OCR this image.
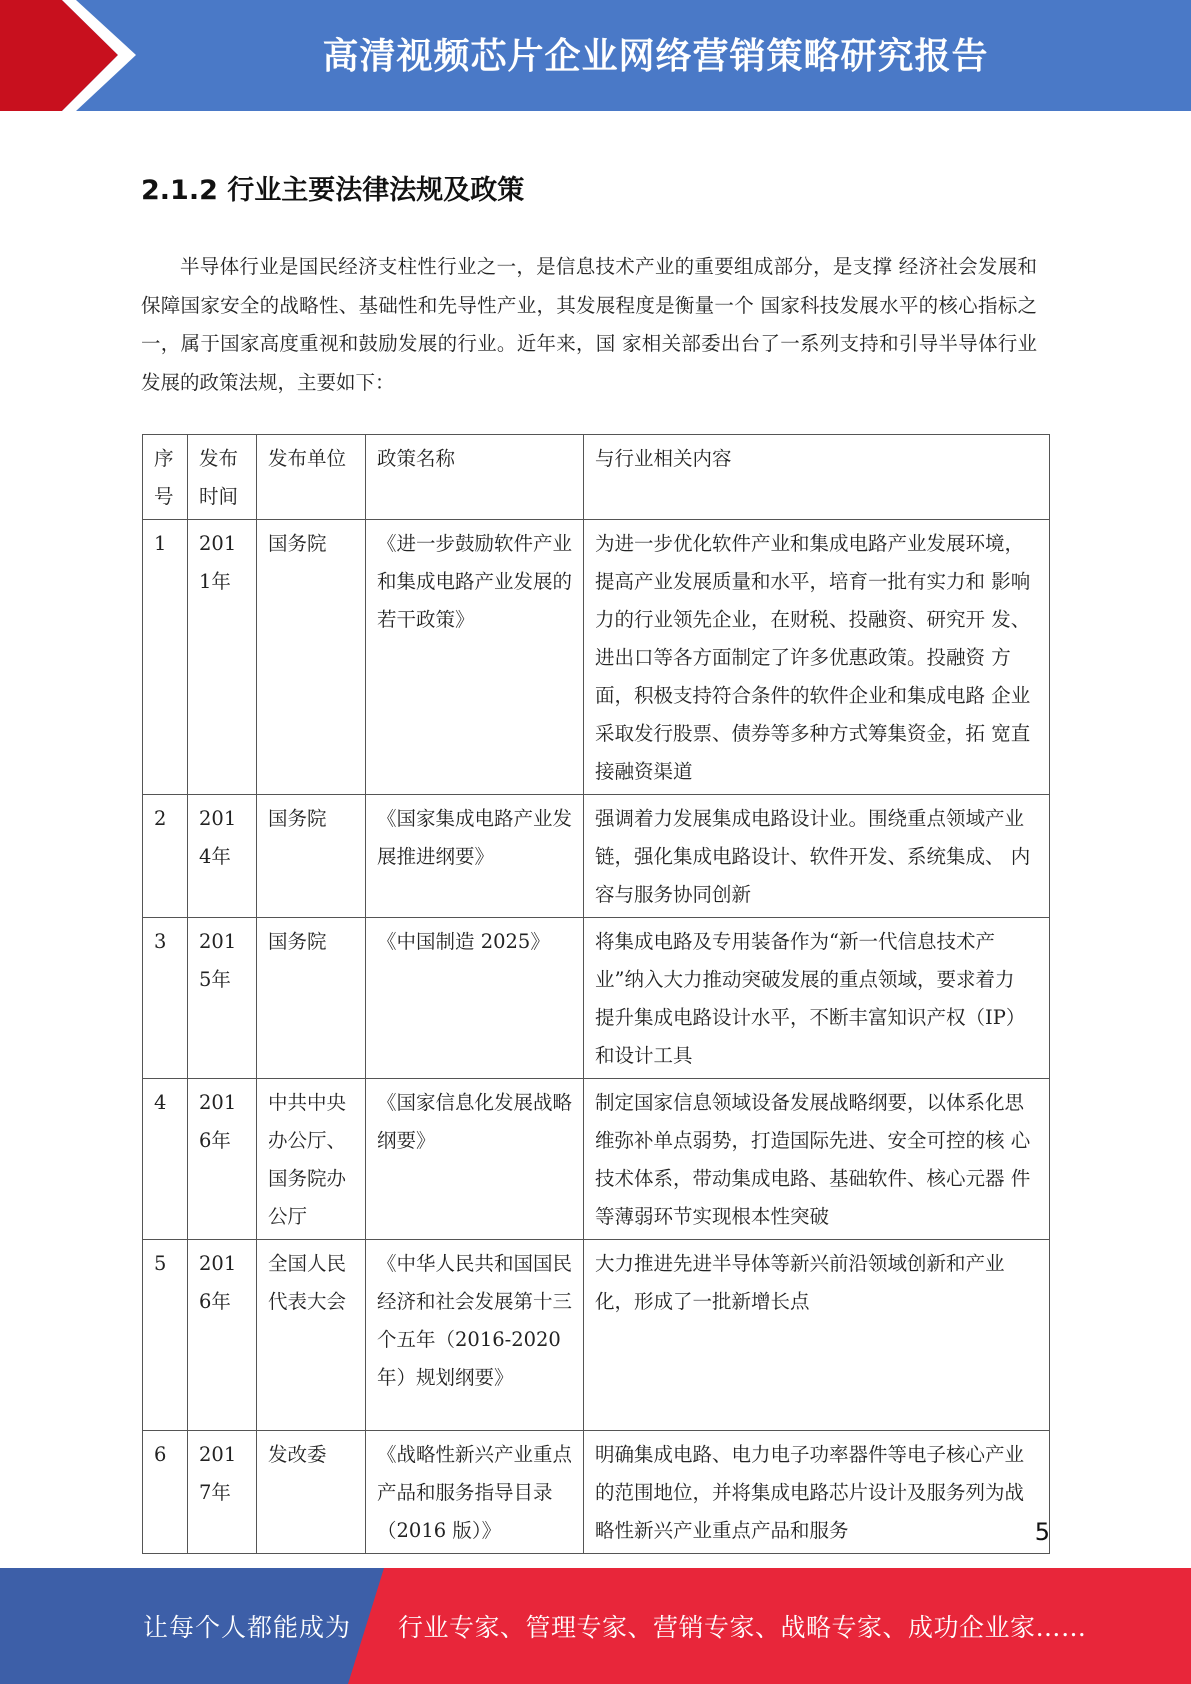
高清视频芯片企业网络营销策略研究报告
2.1.2 行业主要法律法规及政策

半导体行业是国民经济支柱性行业之一，是信息技术产业的重要组成部分，是支撑 经济社会发展和保障国家安全的战略性、基础性和先导性产业，其发展程度是衡量一个 国家科技发展水平的核心指标之一，属于国家高度重视和鼓励发展的行业。近年来，国 家相关部委出台了一系列支持和引导半导体行业发展的政策法规，主要如下：

序号	发布时间	发布单位	政策名称	与行业相关内容
1	2011年	国务院	《进一步鼓励软件产业和集成电路产业发展的若干政策》	为进一步优化软件产业和集成电路产业发展环境，提高产业发展质量和水平，培育一批有实力和 影响力的行业领先企业，在财税、投融资、研究开 发、进出口等各方面制定了许多优惠政策。投融资 方面，积极支持符合条件的软件企业和集成电路 企业采取发行股票、债券等多种方式筹集资金，拓 宽直接融资渠道
2	2014年	国务院	《国家集成电路产业发展推进纲要》	强调着力发展集成电路设计业。围绕重点领域产业链，强化集成电路设计、软件开发、系统集成、 内容与服务协同创新
3	2015年	国务院	《中国制造 2025》	将集成电路及专用装备作为“新一代信息技术产业”纳入大力推动突破发展的重点领域，要求着力 提升集成电路设计水平，不断丰富知识产权（IP） 和设计工具
4	2016年	中共中央办公厅、国务院办公厅	《国家信息化发展战略纲要》	制定国家信息领域设备发展战略纲要，以体系化思维弥补单点弱势，打造国际先进、安全可控的核 心技术体系，带动集成电路、基础软件、核心元器 件等薄弱环节实现根本性突破
5	2016年	全国人民代表大会	《中华人民共和国国民经济和社会发展第十三个五年（2016-2020 年）规划纲要》	大力推进先进半导体等新兴前沿领域创新和产业化，形成了一批新增长点
6	2017年	发改委	《战略性新兴产业重点产品和服务指导目录（2016 版）》	明确集成电路、电力电子功率器件等电子核心产业的范围地位，并将集成电路芯片设计及服务列为战略性新兴产业重点产品和服务	5
让每个人都能成为 行业专家、管理专家、营销专家、战略专家、成功企业家……
